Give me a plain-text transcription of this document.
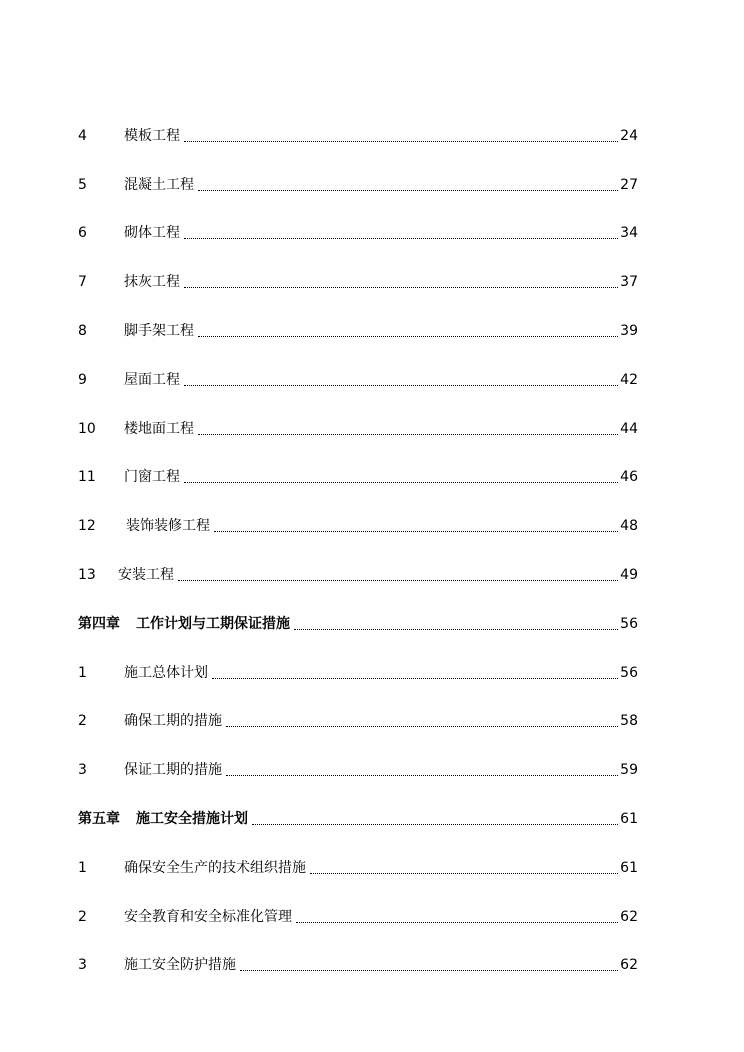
4	模板工程	24
5	混凝土工程	27
6	砌体工程	34
7	抹灰工程	37
8	脚手架工程	39
9	屋面工程	42
10	楼地面工程	44
11	门窗工程	46
12	装饰装修工程	48
13	安装工程	49
第四章	工作计划与工期保证措施	56
1	施工总体计划	56
2	确保工期的措施	58
3	保证工期的措施	59
第五章	施工安全措施计划	61
1	确保安全生产的技术组织措施	61
2	安全教育和安全标准化管理	62
3	施工安全防护措施	62
